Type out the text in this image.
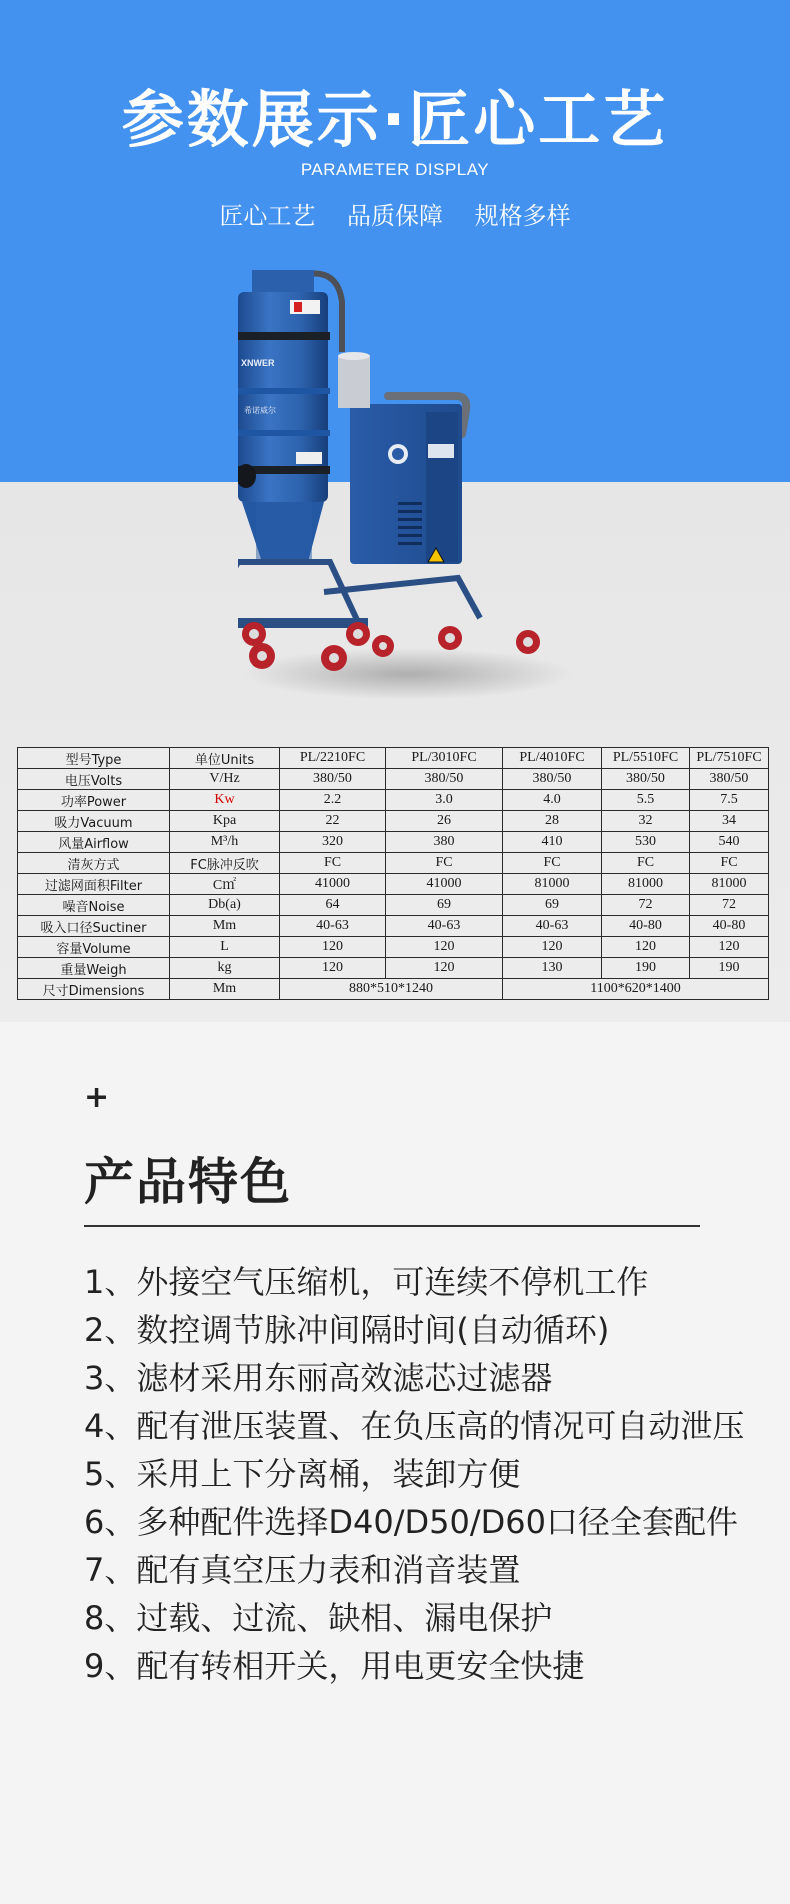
参数展示·匠心工艺
PARAMETER DISPLAY
匠心工艺 品质保障 规格多样
XNWER
希诺威尔
型号Type	单位Units	PL/2210FC	PL/3010FC	PL/4010FC	PL/5510FC	PL/7510FC
电压Volts	V/Hz	380/50	380/50	380/50	380/50	380/50
功率Power	Kw	2.2	3.0	4.0	5.5	7.5
吸力Vacuum	Kpa	22	26	28	32	34
风量Airflow	M³/h	320	380	410	530	540
清灰方式	FC脉冲反吹	FC	FC	FC	FC	FC
过滤网面积Filter	C㎡	41000	41000	81000	81000	81000
噪音Noise	Db(a)	64	69	69	72	72
吸入口径Suctiner	Mm	40-63	40-63	40-63	40-80	40-80
容量Volume	L	120	120	120	120	120
重量Weigh	kg	120	120	130	190	190
尺寸Dimensions	Mm	880*510*1240		1100*620*1400		
+
产品特色
1、外接空气压缩机，可连续不停机工作
2、数控调节脉冲间隔时间(自动循环)
3、滤材采用东丽高效滤芯过滤器
4、配有泄压装置、在负压高的情况可自动泄压
5、采用上下分离桶，装卸方便
6、多种配件选择D40/D50/D60口径全套配件
7、配有真空压力表和消音装置
8、过载、过流、缺相、漏电保护
9、配有转相开关，用电更安全快捷
